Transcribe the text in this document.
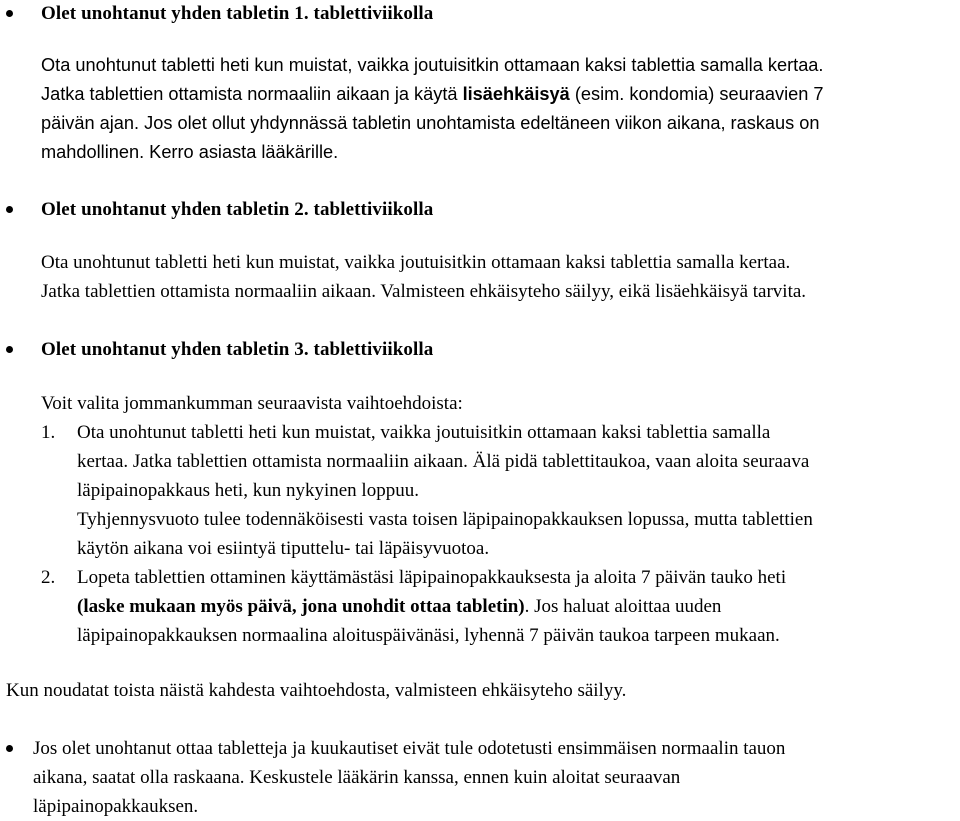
Olet unohtanut yhden tabletin 1. tablettiviikolla
Ota unohtunut tabletti heti kun muistat, vaikka joutuisitkin ottamaan kaksi tablettia samalla kertaa.
Jatka tablettien ottamista normaaliin aikaan ja käytä lisäehkäisyä (esim. kondomia) seuraavien 7
päivän ajan. Jos olet ollut yhdynnässä tabletin unohtamista edeltäneen viikon aikana, raskaus on
mahdollinen. Kerro asiasta lääkärille.
Olet unohtanut yhden tabletin 2. tablettiviikolla
Ota unohtunut tabletti heti kun muistat, vaikka joutuisitkin ottamaan kaksi tablettia samalla kertaa.
Jatka tablettien ottamista normaaliin aikaan. Valmisteen ehkäisyteho säilyy, eikä lisäehkäisyä tarvita.
Olet unohtanut yhden tabletin 3. tablettiviikolla
Voit valita jommankumman seuraavista vaihtoehdoista:
1. Ota unohtunut tabletti heti kun muistat, vaikka joutuisitkin ottamaan kaksi tablettia samalla
kertaa. Jatka tablettien ottamista normaaliin aikaan. Älä pidä tablettitaukoa, vaan aloita seuraava
läpipainopakkaus heti, kun nykyinen loppuu.
Tyhjennysvuoto tulee todennäköisesti vasta toisen läpipainopakkauksen lopussa, mutta tablettien
käytön aikana voi esiintyä tiputtelu- tai läpäisyvuotoa.
2. Lopeta tablettien ottaminen käyttämästäsi läpipainopakkauksesta ja aloita 7 päivän tauko heti
(laske mukaan myös päivä, jona unohdit ottaa tabletin). Jos haluat aloittaa uuden
läpipainopakkauksen normaalina aloituspäivänäsi, lyhennä 7 päivän taukoa tarpeen mukaan.
Kun noudatat toista näistä kahdesta vaihtoehdosta, valmisteen ehkäisyteho säilyy.
Jos olet unohtanut ottaa tabletteja ja kuukautiset eivät tule odotetusti ensimmäisen normaalin tauon
aikana, saatat olla raskaana. Keskustele lääkärin kanssa, ennen kuin aloitat seuraavan
läpipainopakkauksen.
